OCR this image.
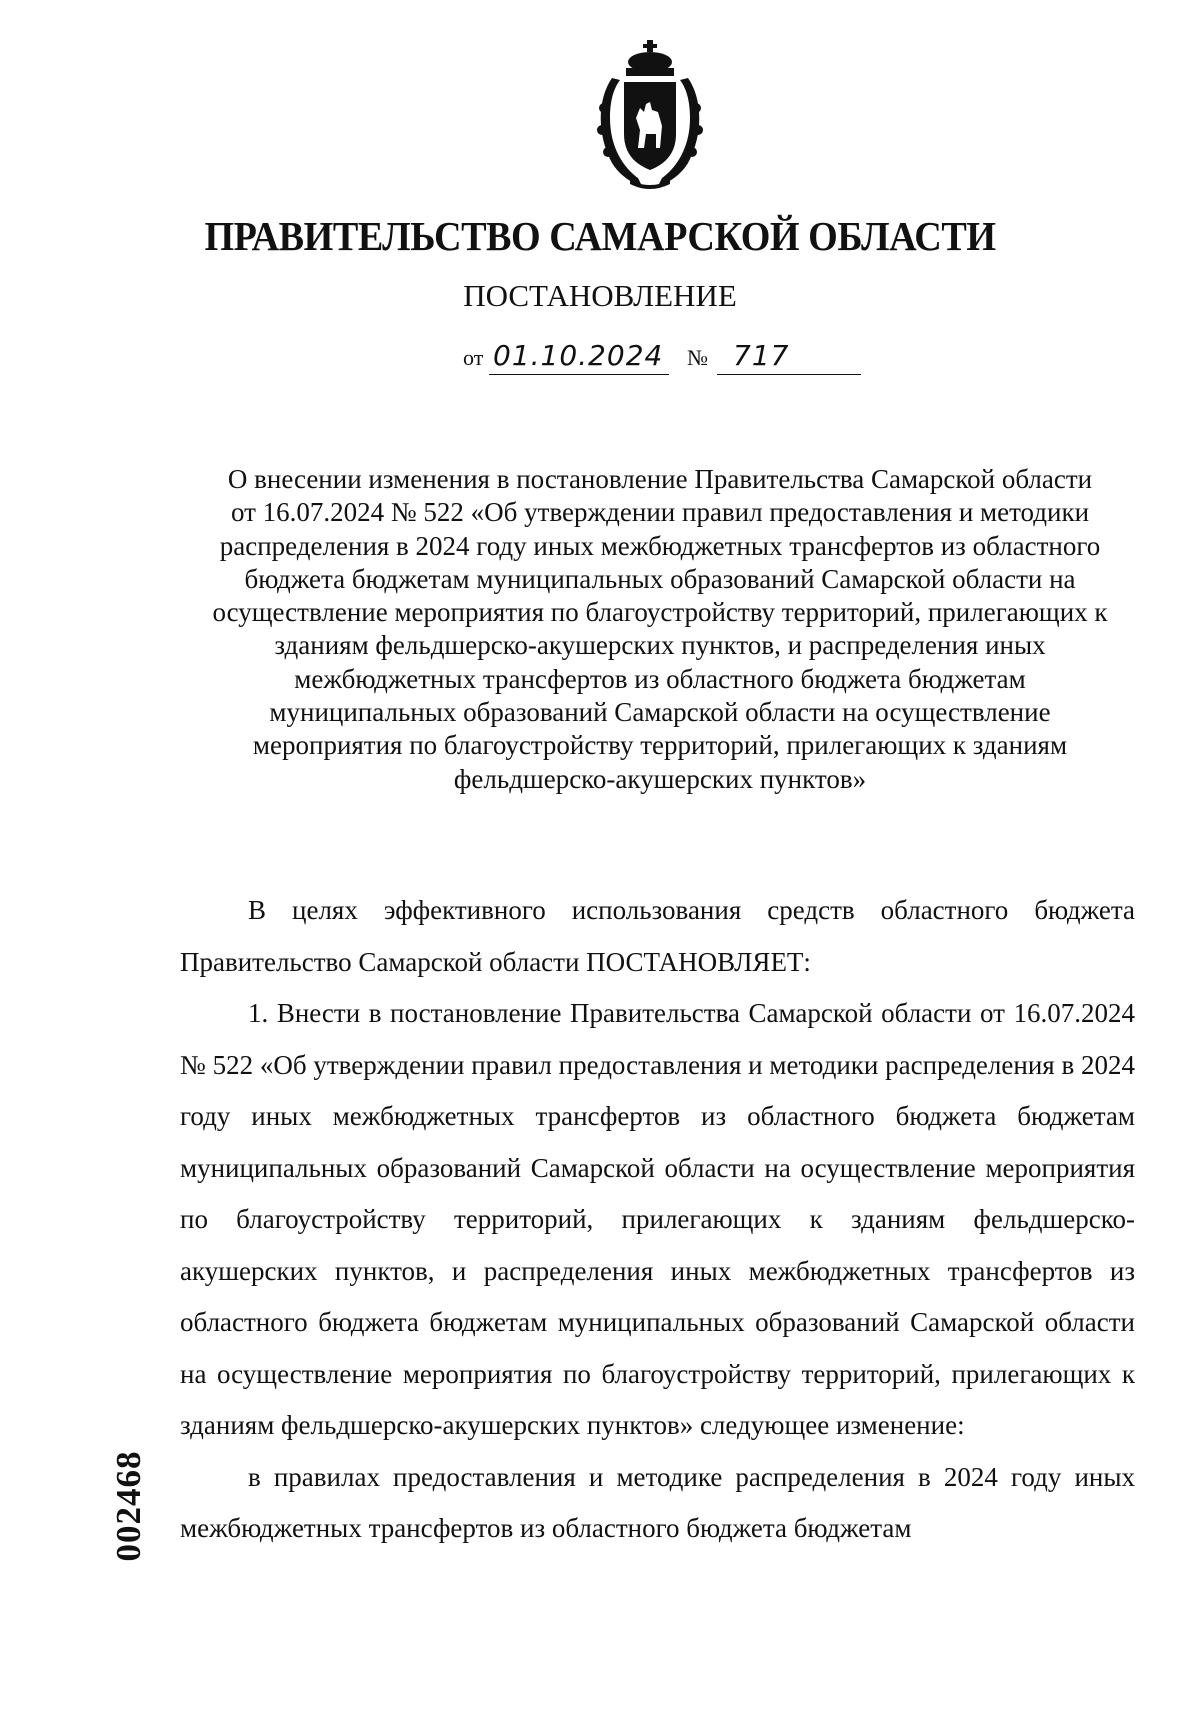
ПРАВИТЕЛЬСТВО САМАРСКОЙ ОБЛАСТИ
ПОСТАНОВЛЕНИЕ
от 01.10.2024 № 717
О внесении изменения в постановление Правительства Самарской области
от 16.07.2024 № 522 «Об утверждении правил предоставления и методики
распределения в 2024 году иных межбюджетных трансфертов из областного
бюджета бюджетам муниципальных образований Самарской области на
осуществление мероприятия по благоустройству территорий, прилегающих к
зданиям фельдшерско-акушерских пунктов, и распределения иных
межбюджетных трансфертов из областного бюджета бюджетам
муниципальных образований Самарской области на осуществление
мероприятия по благоустройству территорий, прилегающих к зданиям
фельдшерско-акушерских пунктов»

В целях эффективного использования средств областного бюджета Правительство Самарской области ПОСТАНОВЛЯЕТ:

1. Внести в постановление Правительства Самарской области от 16.07.2024 № 522 «Об утверждении правил предоставления и методики распределения в 2024 году иных межбюджетных трансфертов из областного бюджета бюджетам муниципальных образований Самарской области на осуществление мероприятия по благоустройству территорий, прилегающих к зданиям фельдшерско-акушерских пунктов, и распределения иных межбюджетных трансфертов из областного бюджета бюджетам муниципальных образований Самарской области на осуществление мероприятия по благоустройству территорий, прилегающих к зданиям фельдшерско-акушерских пунктов» следующее изменение:

в правилах предоставления и методике распределения в 2024 году иных межбюджетных трансфертов из областного бюджета бюджетам

002468
